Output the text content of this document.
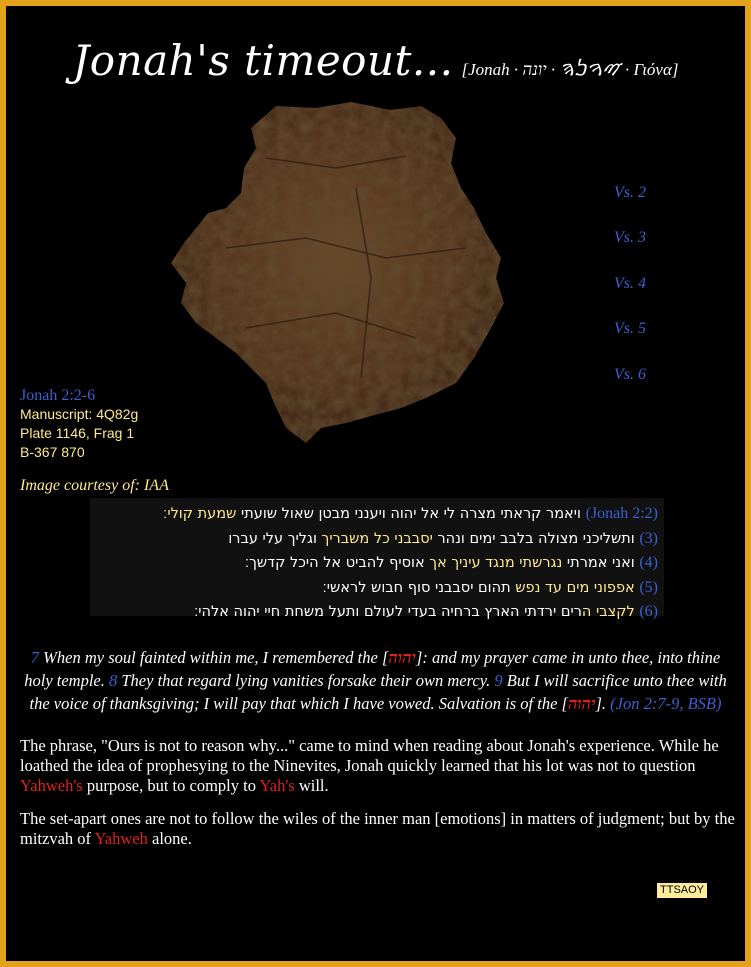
Jonah's timeout... [Jonah · ࠉࠅࠍࠄ · יונה · Γιόνα]
Vs. 2
Vs. 3
Vs. 4
Vs. 5
Vs. 6
Jonah 2:2-6
Manuscript: 4Q82g
Plate 1146, Frag 1
B-367 870
Image courtesy of: IAA
(Jonah 2:2) ויאמר קראתי מצרה לי אל יהוה ויענני מבטן שאול שועתי שמעת קולי׃
(3) ותשליכני מצולה בלבב ימים ונהר יסבבני כל משבריך וגליך עלי עברו
(4) ואני אמרתי נגרשתי מנגד עיניך אך אוסיף להביט אל היכל קדשך׃
(5) אפפוני מים עד נפש תהום יסבבני סוף חבוש לראשי׃
(6) לקצבי הרים ירדתי הארץ ברחיה בעדי לעולם ותעל משחת חיי יהוה אלהי׃
7 When my soul fainted within me, I remembered the [יהוה]: and my prayer came in unto thee, into thine holy temple. 8 They that regard lying vanities forsake their own mercy. 9 But I will sacrifice unto thee with the voice of thanksgiving; I will pay that which I have vowed. Salvation is of the [יהוה]. (Jon 2:7-9, BSB)
The phrase, "Ours is not to reason why..." came to mind when reading about Jonah's experience. While he loathed the idea of prophesying to the Ninevites, Jonah quickly learned that his lot was not to question Yahweh's purpose, but to comply to Yah's will.
The set-apart ones are not to follow the wiles of the inner man [emotions] in matters of judgment; but by the mitzvah of Yahweh alone.
TTSAOY
